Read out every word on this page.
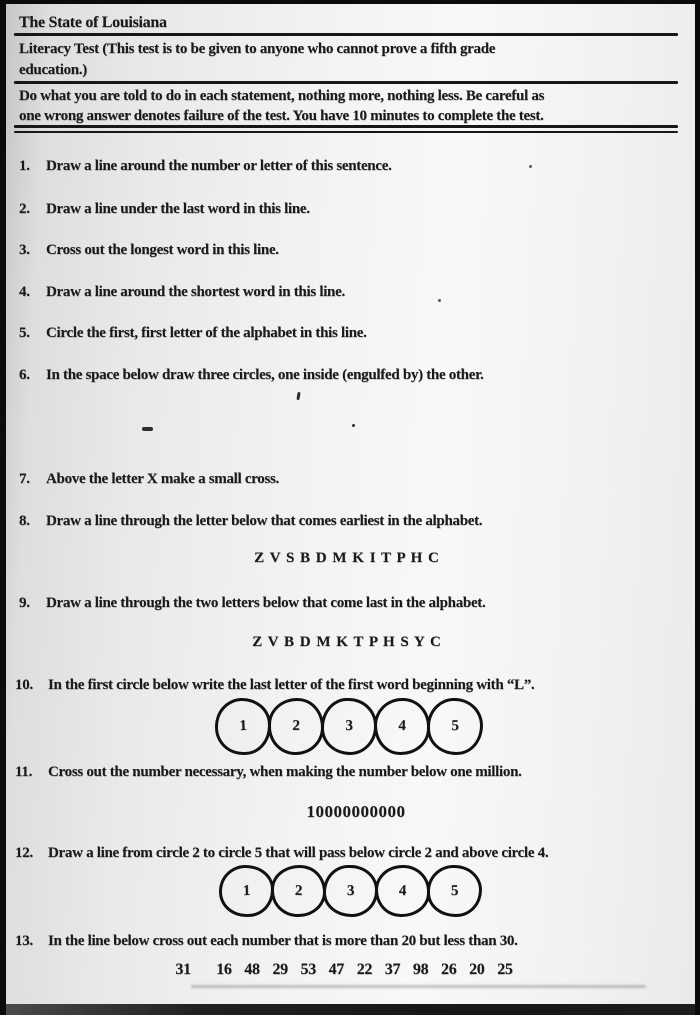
The State of Louisiana
Literacy Test (This test is to be given to anyone who cannot prove a fifth grade
education.)
Do what you are told to do in each statement, nothing more, nothing less. Be careful as
one wrong answer denotes failure of the test. You have 10 minutes to complete the test.
1.	Draw a line around the number or letter of this sentence.
2.	Draw a line under the last word in this line.
3.	Cross out the longest word in this line.
4.	Draw a line around the shortest word in this line.
5.	Circle the first, first letter of the alphabet in this line.
6.	In the space below draw three circles, one inside (engulfed by) the other.
7.	Above the letter X make a small cross.
8.	Draw a line through the letter below that comes earliest in the alphabet.
Z V S B D M K I T P H C
9.	Draw a line through the two letters below that come last in the alphabet.
Z V B D M K T P H S Y C
10.	In the first circle below write the last letter of the first word beginning with “L”.
1	2	3	4	5
11.	Cross out the number necessary, when making the number below one million.
10000000000
12.	Draw a line from circle 2 to circle 5 that will pass below circle 2 and above circle 4.
1	2	3	4	5
13.	In the line below cross out each number that is more than 20 but less than 30.
31  16 48 29 53 47 22 37 98 26 20 25
